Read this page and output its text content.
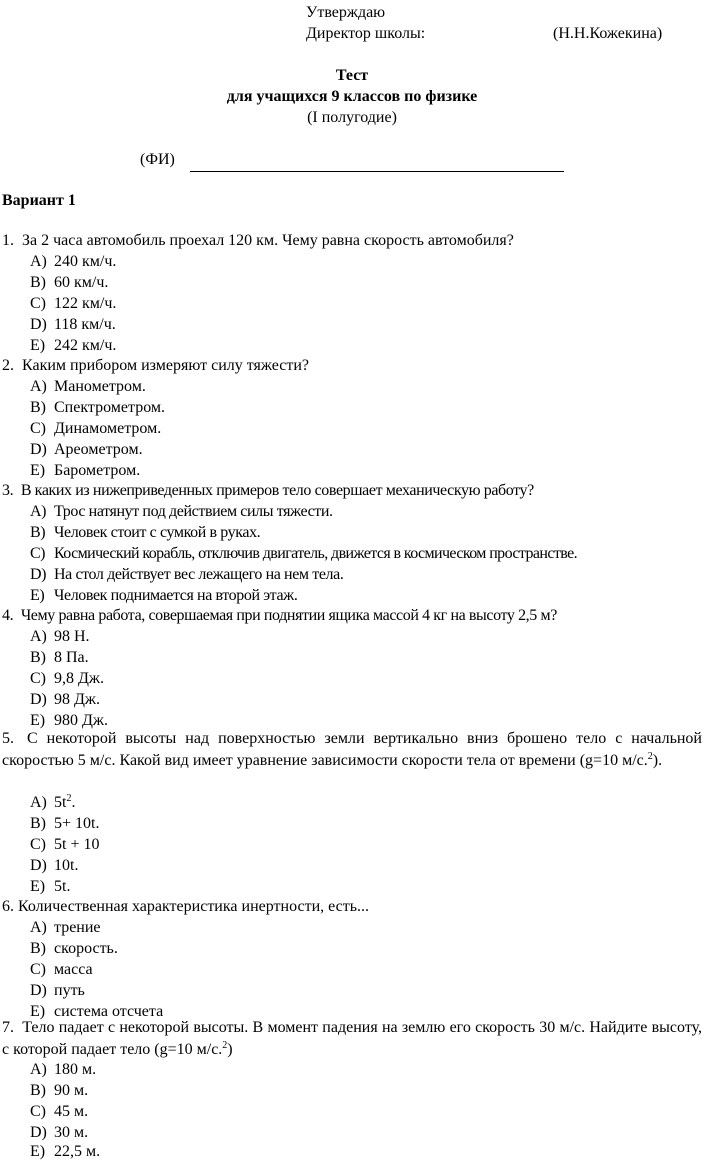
Утверждаю
Директор школы:	(Н.Н.Кожекина)
Тест
для учащихся 9 классов по физике
(I полугодие)
(ФИ)
Вариант 1
1. За 2 часа автомобиль проехал 120 км. Чему равна скорость автомобиля?
A) 240 км/ч.
B) 60 км/ч.
C) 122 км/ч.
D) 118 км/ч.
E) 242 км/ч.
2. Каким прибором измеряют силу тяжести?
A) Манометром.
B) Спектрометром.
C) Динамометром.
D) Ареометром.
E) Барометром.
3. В каких из нижеприведенных примеров тело совершает механическую работу?
A) Трос натянут под действием силы тяжести.
B) Человек стоит с сумкой в руках.
C) Космический корабль, отключив двигатель, движется в космическом пространстве.
D) На стол действует вес лежащего на нем тела.
E) Человек поднимается на второй этаж.
4. Чему равна работа, совершаемая при поднятии ящика массой 4 кг на высоту 2,5 м?
A) 98 Н.
B) 8 Па.
C) 9,8 Дж.
D) 98 Дж.
E) 980 Дж.
5. С некоторой высоты над поверхностью земли вертикально вниз брошено тело с начальной скоростью 5 м/с. Какой вид имеет уравнение зависимости скорости тела от времени (g=10 м/с.$^2$).
A) $5t^2$.
B) 5+ 10t.
C) 5t + 10
D) 10t.
E) 5t.
6. Количественная характеристика инертности, есть...
A) трение
B) скорость.
C) масса
D) путь
E) система отсчета
7. Тело падает с некоторой высоты. В момент падения на землю его скорость 30 м/с. Найдите высоту, с которой падает тело (g=10 м/с.$^2$)
A) 180 м.
B) 90 м.
C) 45 м.
D) 30 м.
E) 22,5 м.
